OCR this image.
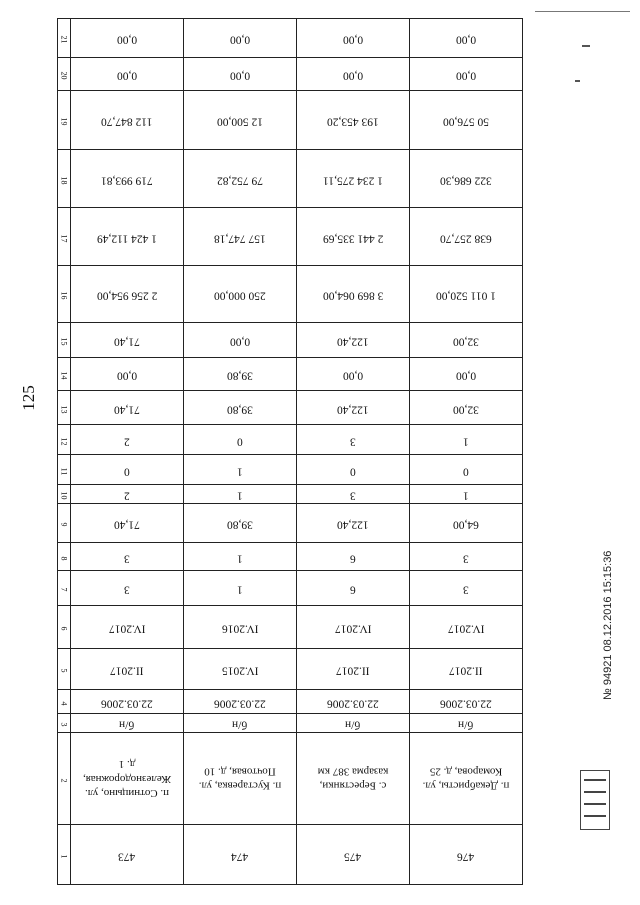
125
21	0,00	0,00	0,00	0,00
20	0,00	0,00	0,00	0,00
19	112 847,70	12 500,00	193 453,20	50 576,00
18	719 993,81	79 752,82	1 234 275,11	322 686,30
17	1 424 112,49	157 747,18	2 441 335,69	638 257,70
16	2 256 954,00	250 000,00	3 869 064,00	1 011 520,00
15	71,40	0,00	122,40	32,00
14	0,00	39,80	0,00	0,00
13	71,40	39,80	122,40	32,00
12	2	0	3	1
11	0	1	0	0
10	2	1	3	1
9	71,40	39,80	122,40	64,00
8	3	1	6	3
7	3	1	6	3
6	IV.2017	IV.2016	IV.2017	IV.2017
5	II.2017	IV.2015	II.2017	II.2017
4	22.03.2006	22.03.2006	22.03.2006	22.03.2006
3	б/н	б/н	б/н	б/н
2	п. Сотницыно, ул. Железнодорожная, д. 1	п. Кустаревка, ул. Почтовая, д. 10	с. Берестянки, казарма 387 км	п. Декабристы, ул. Комарова, д. 25
1	473	474	475	476
№ 94921 08.12.2016 15:15:36
